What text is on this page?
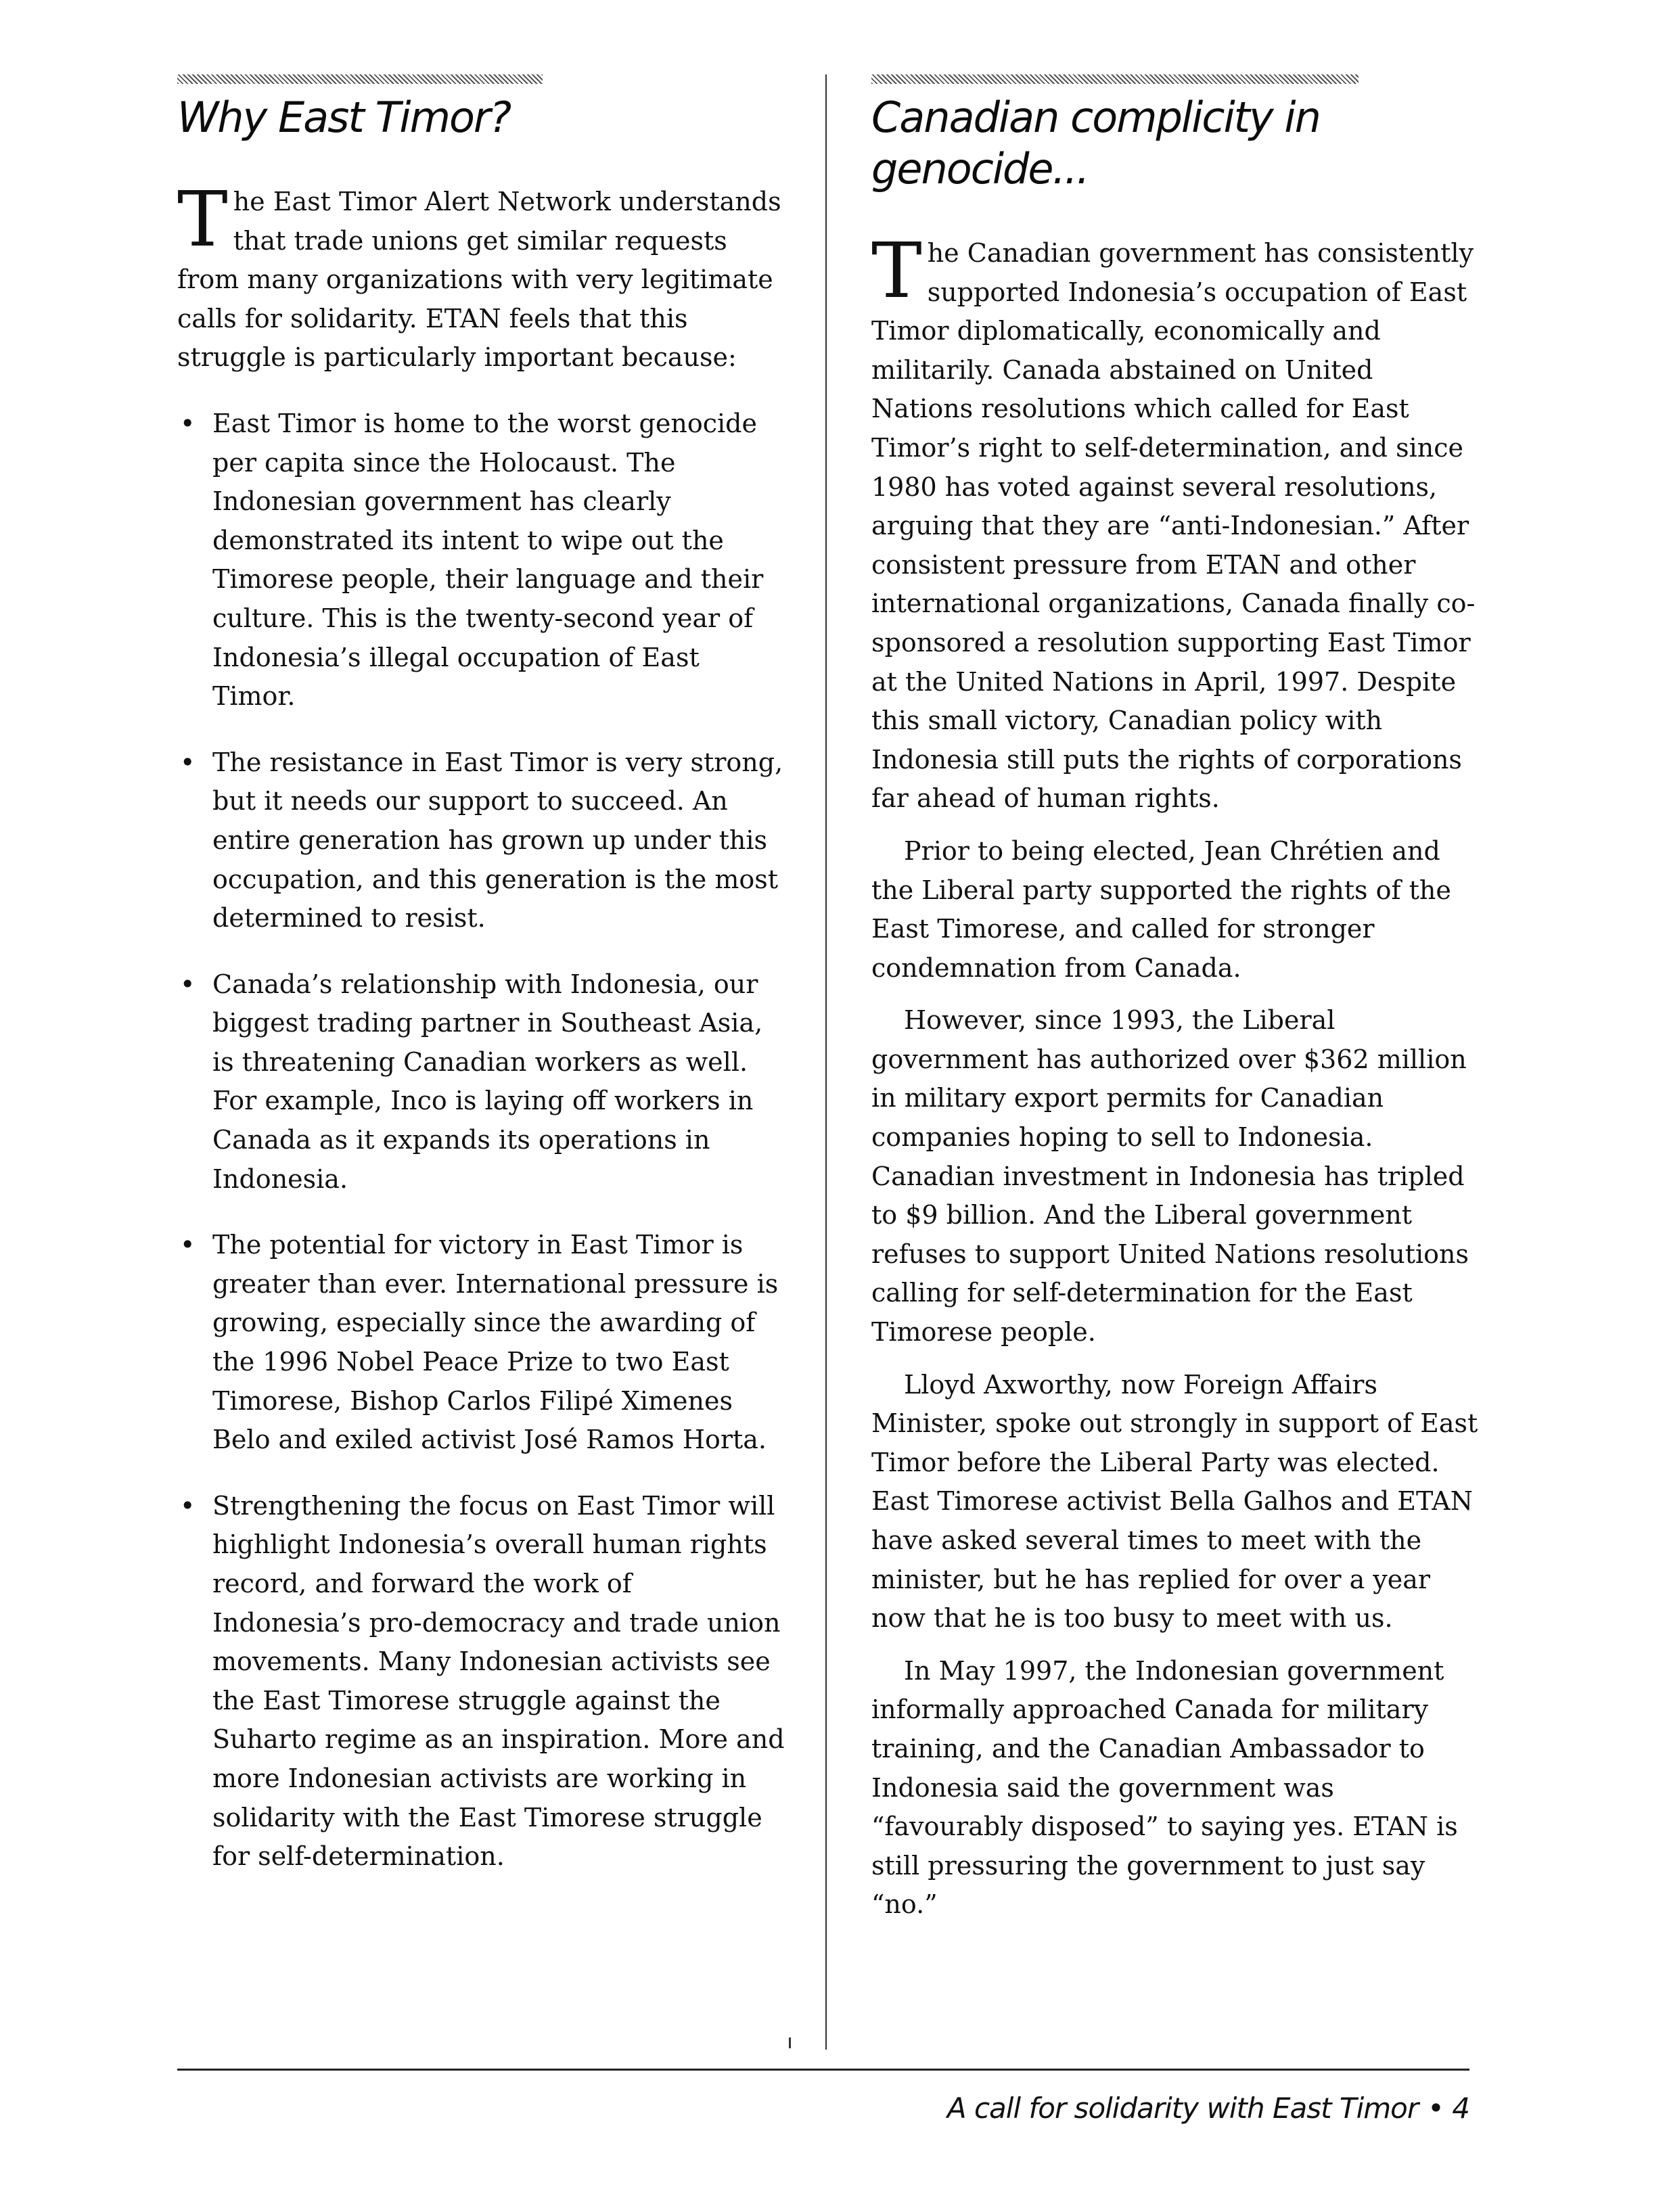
Why East Timor?

The East Timor Alert Network understands that trade unions get similar requests from many organizations with very legitimate calls for solidarity. ETAN feels that this struggle is particularly important because:

• East Timor is home to the worst genocide per capita since the Holocaust. The Indonesian government has clearly demonstrated its intent to wipe out the Timorese people, their language and their culture. This is the twenty-second year of Indonesia’s illegal occupation of East Timor.
• The resistance in East Timor is very strong, but it needs our support to succeed. An entire generation has grown up under this occupation, and this generation is the most determined to resist.
• Canada’s relationship with Indonesia, our biggest trading partner in Southeast Asia, is threatening Canadian workers as well. For example, Inco is laying off workers in Canada as it expands its operations in Indonesia.
• The potential for victory in East Timor is greater than ever. International pressure is growing, especially since the awarding of the 1996 Nobel Peace Prize to two East Timorese, Bishop Carlos Filipé Ximenes Belo and exiled activist José Ramos Horta.
• Strengthening the focus on East Timor will highlight Indonesia’s overall human rights record, and forward the work of Indonesia’s pro-democracy and trade union movements. Many Indonesian activists see the East Timorese struggle against the Suharto regime as an inspiration. More and more Indonesian activists are working in solidarity with the East Timorese struggle for self-determination.
Canadian complicity in genocide...

The Canadian government has consistently supported Indonesia’s occupation of East Timor diplomatically, economically and militarily. Canada abstained on United Nations resolutions which called for East Timor’s right to self-determination, and since 1980 has voted against several resolutions, arguing that they are “anti-Indonesian.” After consistent pressure from ETAN and other international organizations, Canada finally co-sponsored a resolution supporting East Timor at the United Nations in April, 1997. Despite this small victory, Canadian policy with Indonesia still puts the rights of corporations far ahead of human rights.

Prior to being elected, Jean Chrétien and the Liberal party supported the rights of the East Timorese, and called for stronger condemnation from Canada.

However, since 1993, the Liberal government has authorized over $362 million in military export permits for Canadian companies hoping to sell to Indonesia. Canadian investment in Indonesia has tripled to $9 billion. And the Liberal government refuses to support United Nations resolutions calling for self-determination for the East Timorese people.

Lloyd Axworthy, now Foreign Affairs Minister, spoke out strongly in support of East Timor before the Liberal Party was elected. East Timorese activist Bella Galhos and ETAN have asked several times to meet with the minister, but he has replied for over a year now that he is too busy to meet with us.

In May 1997, the Indonesian government informally approached Canada for military training, and the Canadian Ambassador to Indonesia said the government was “favourably disposed” to saying yes. ETAN is still pressuring the government to just say “no.”

A call for solidarity with East Timor • 4
